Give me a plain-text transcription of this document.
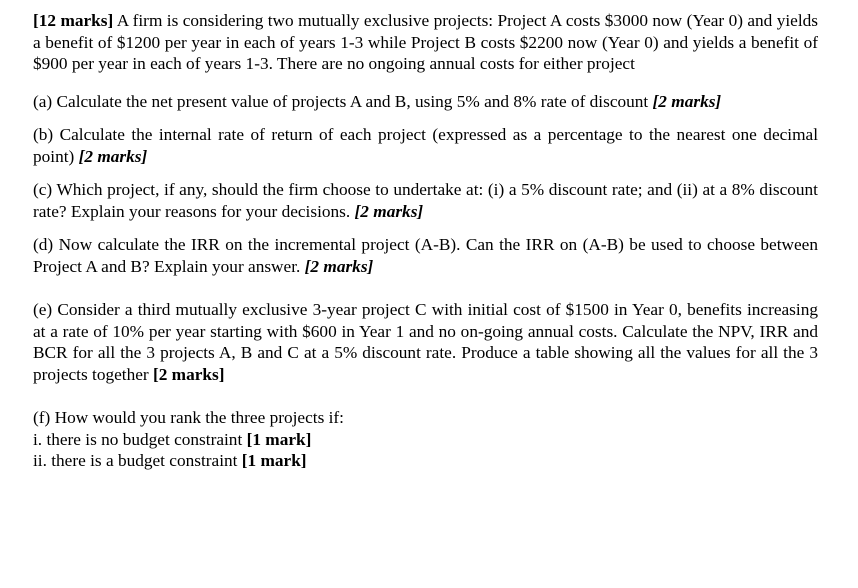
[12 marks] A firm is considering two mutually exclusive projects: Project A costs $3000 now (Year 0) and yields a benefit of $1200 per year in each of years 1-3 while Project B costs $2200 now (Year 0) and yields a benefit of $900 per year in each of years 1-3. There are no ongoing annual costs for either project

(a) Calculate the net present value of projects A and B, using 5% and 8% rate of discount [2 marks]

(b) Calculate the internal rate of return of each project (expressed as a percentage to the nearest one decimal point) [2 marks]

(c) Which project, if any, should the firm choose to undertake at: (i) a 5% discount rate; and (ii) at a 8% discount rate? Explain your reasons for your decisions. [2 marks]

(d) Now calculate the IRR on the incremental project (A-B). Can the IRR on (A-B) be used to choose between Project A and B? Explain your answer. [2 marks]

(e) Consider a third mutually exclusive 3-year project C with initial cost of $1500 in Year 0, benefits increasing at a rate of 10% per year starting with $600 in Year 1 and no on-going annual costs. Calculate the NPV, IRR and BCR for all the 3 projects A, B and C at a 5% discount rate. Produce a table showing all the values for all the 3 projects together [2 marks]

(f) How would you rank the three projects if:
i. there is no budget constraint [1 mark]
ii. there is a budget constraint [1 mark]
